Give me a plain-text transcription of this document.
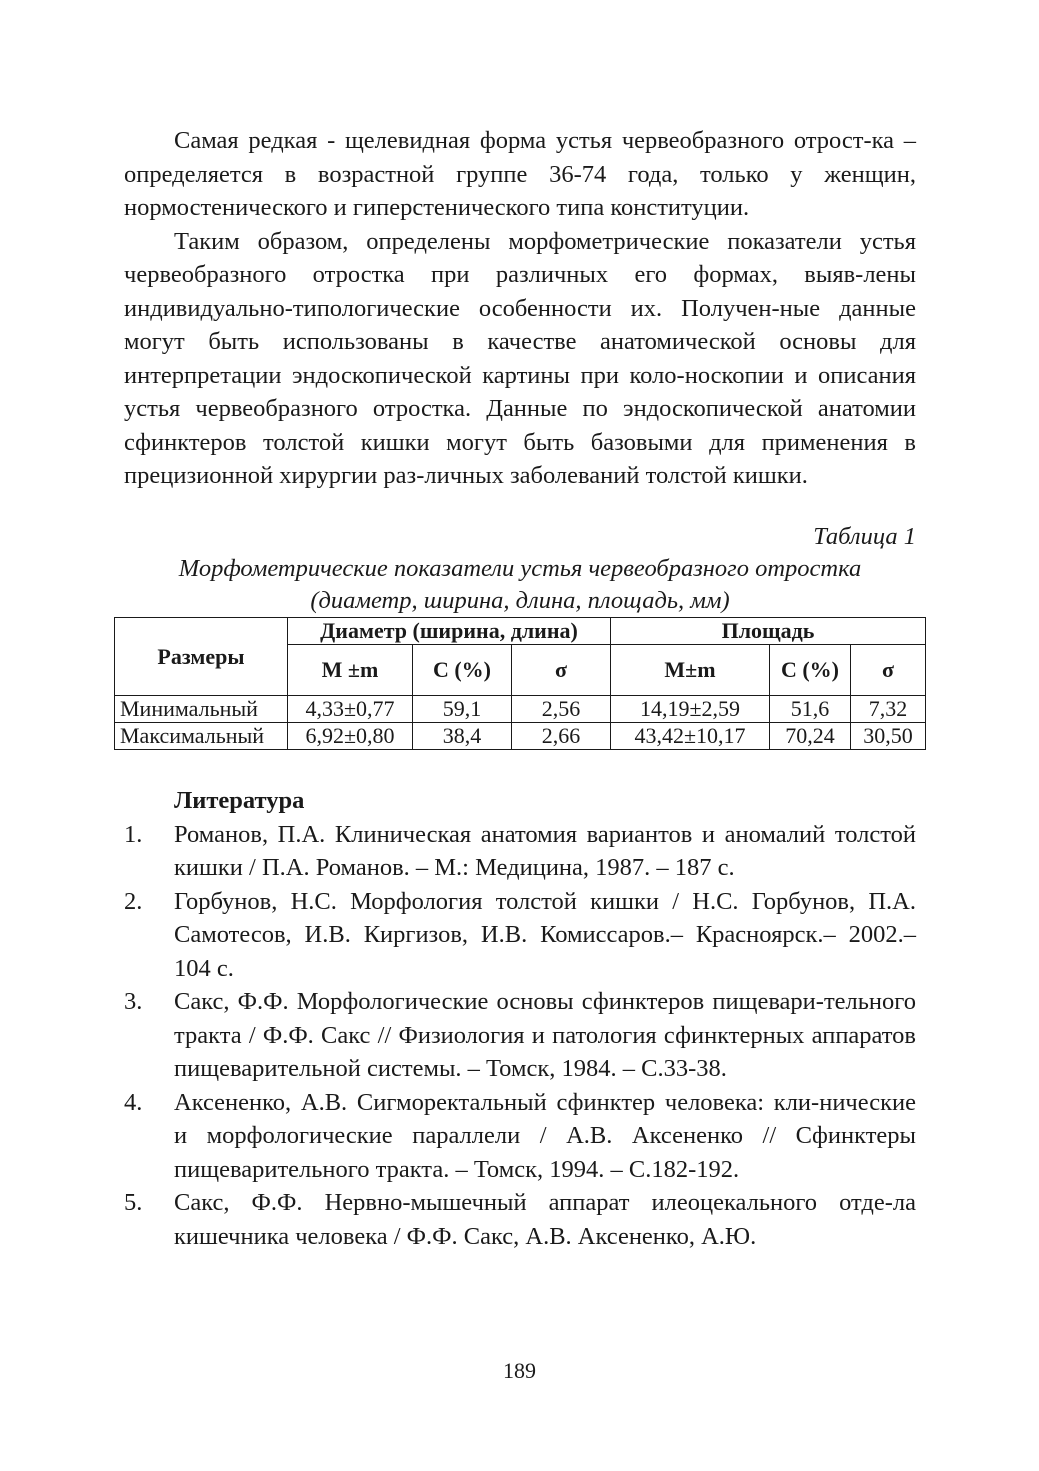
Самая редкая - щелевидная форма устья червеобразного отрост-ка – определяется в возрастной группе 36-74 года, только у женщин, нормостенического и гиперстенического типа конституции.

Таким образом, определены морфометрические показатели устья червеобразного отростка при различных его формах, выяв-лены индивидуально-типологические особенности их. Получен-ные данные могут быть использованы в качестве анатомической основы для интерпретации эндоскопической картины при коло-носкопии и описания устья червеобразного отростка. Данные по эндоскопической анатомии сфинктеров толстой кишки могут быть базовыми для применения в прецизионной хирургии раз-личных заболеваний толстой кишки.

Таблица 1

Морфометрические показатели устья червеобразного отростка

(диаметр, ширина, длина, площадь, мм)

Размеры	Диаметр (ширина, длина)			Площадь		
	М ±m	С (%)	σ	М±m	С (%)	σ
Минимальный	4,33±0,77	59,1	2,56	14,19±2,59	51,6	7,32
Максимальный	6,92±0,80	38,4	2,66	43,42±10,17	70,24	30,50

Литература

1. Романов, П.А. Клиническая анатомия вариантов и аномалий толстой кишки / П.А. Романов. – М.: Медицина, 1987. – 187 с.
2. Горбунов, Н.С. Морфология толстой кишки / Н.С. Горбунов, П.А. Самотесов, И.В. Киргизов, И.В. Комиссаров.– Красноярск.– 2002.– 104 с.
3. Сакс, Ф.Ф. Морфологические основы сфинктеров пищевари-тельного тракта / Ф.Ф. Сакс // Физиология и патология сфинктерных аппаратов пищеварительной системы. – Томск, 1984. – С.33-38.
4. Аксененко, А.В. Сигморектальный сфинктер человека: кли-нические и морфологические параллели / А.В. Аксененко // Сфинктеры пищеварительного тракта. – Томск, 1994. – С.182-192.
5. Сакс, Ф.Ф. Нервно-мышечный аппарат илеоцекального отде-ла кишечника человека / Ф.Ф. Сакс, А.В. Аксененко, А.Ю.
189
